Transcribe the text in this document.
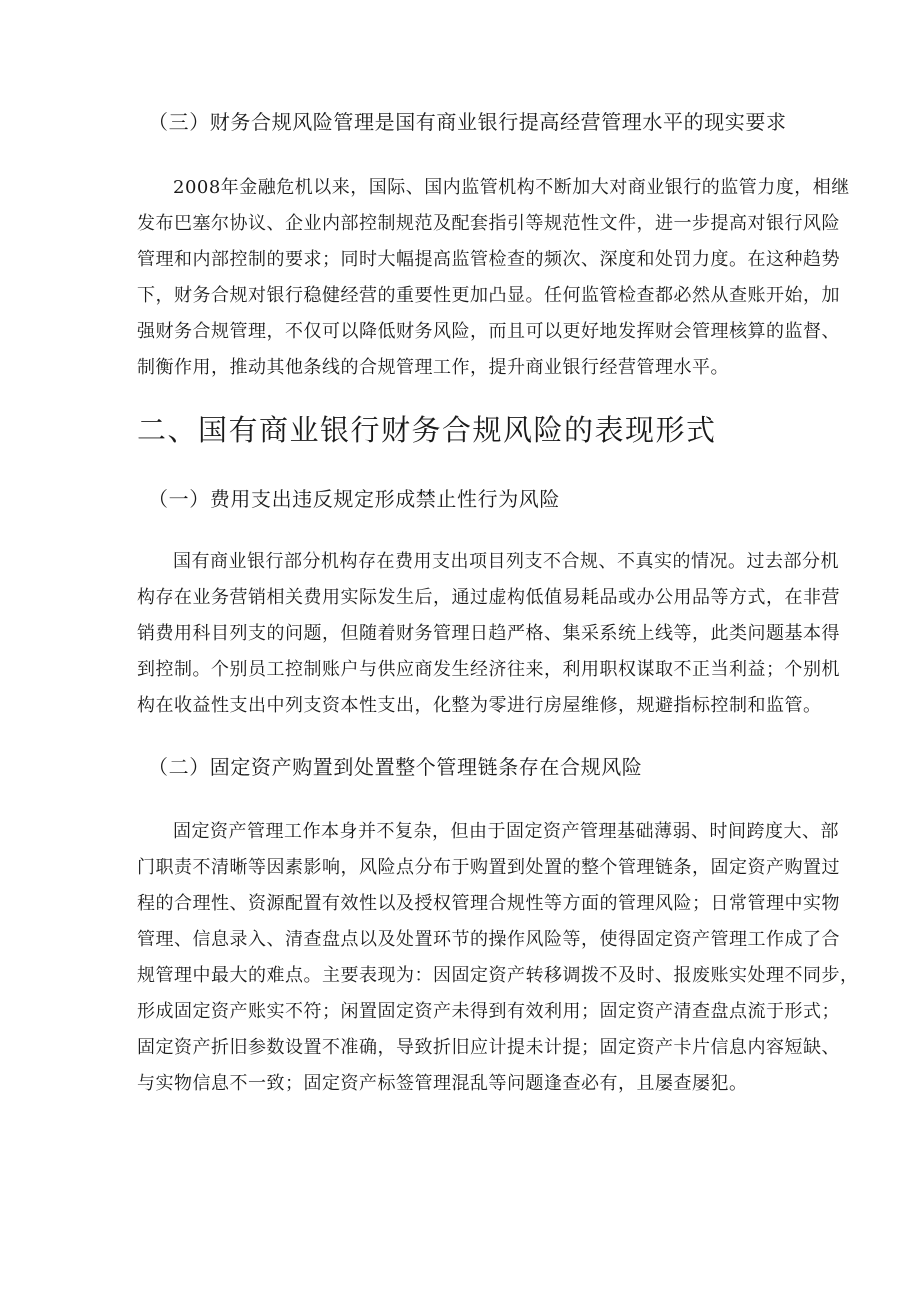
（三）财务合规风险管理是国有商业银行提高经营管理水平的现实要求
2008年金融危机以来，国际、国内监管机构不断加大对商业银行的监管力度，相继
发布巴塞尔协议、企业内部控制规范及配套指引等规范性文件，进一步提高对银行风险
管理和内部控制的要求；同时大幅提高监管检查的频次、深度和处罚力度。在这种趋势
下，财务合规对银行稳健经营的重要性更加凸显。任何监管检查都必然从查账开始，加
强财务合规管理，不仅可以降低财务风险，而且可以更好地发挥财会管理核算的监督、
制衡作用，推动其他条线的合规管理工作，提升商业银行经营管理水平。
二、国有商业银行财务合规风险的表现形式
（一）费用支出违反规定形成禁止性行为风险
国有商业银行部分机构存在费用支出项目列支不合规、不真实的情况。过去部分机
构存在业务营销相关费用实际发生后，通过虚构低值易耗品或办公用品等方式，在非营
销费用科目列支的问题，但随着财务管理日趋严格、集采系统上线等，此类问题基本得
到控制。个别员工控制账户与供应商发生经济往来，利用职权谋取不正当利益；个别机
构在收益性支出中列支资本性支出，化整为零进行房屋维修，规避指标控制和监管。
（二）固定资产购置到处置整个管理链条存在合规风险
固定资产管理工作本身并不复杂，但由于固定资产管理基础薄弱、时间跨度大、部
门职责不清晰等因素影响，风险点分布于购置到处置的整个管理链条，固定资产购置过
程的合理性、资源配置有效性以及授权管理合规性等方面的管理风险；日常管理中实物
管理、信息录入、清查盘点以及处置环节的操作风险等，使得固定资产管理工作成了合
规管理中最大的难点。主要表现为：因固定资产转移调拨不及时、报废账实处理不同步，
形成固定资产账实不符；闲置固定资产未得到有效利用；固定资产清查盘点流于形式；
固定资产折旧参数设置不准确，导致折旧应计提未计提；固定资产卡片信息内容短缺、
与实物信息不一致；固定资产标签管理混乱等问题逢查必有，且屡查屡犯。
